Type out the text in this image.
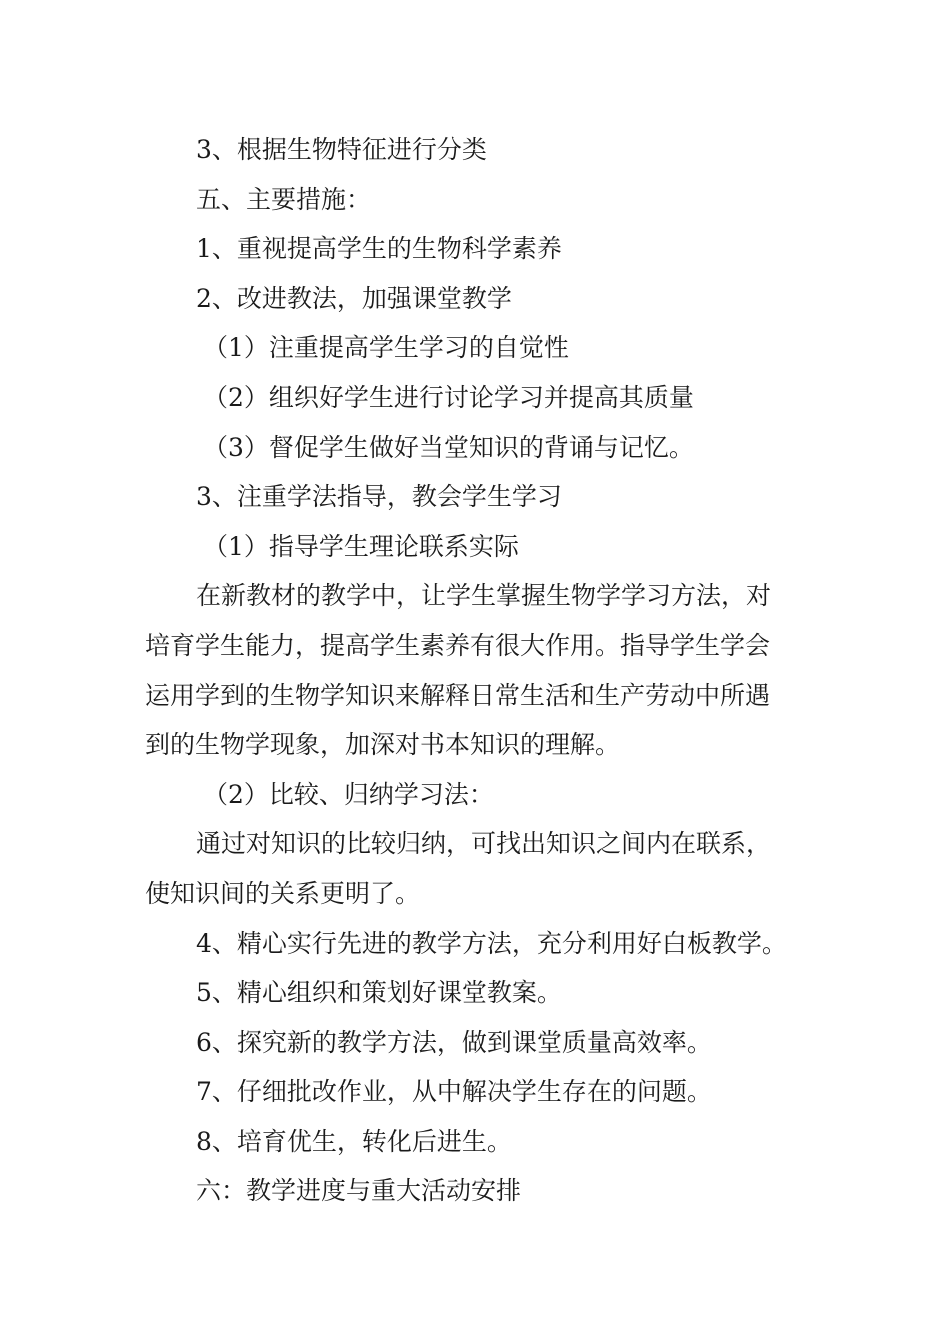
3、根据生物特征进行分类

五、主要措施：

1、重视提高学生的生物科学素养

2、改进教法，加强课堂教学

（1）注重提高学生学习的自觉性

（2）组织好学生进行讨论学习并提高其质量

（3）督促学生做好当堂知识的背诵与记忆。

3、注重学法指导，教会学生学习

（1）指导学生理论联系实际

在新教材的教学中，让学生掌握生物学学习方法，对

培育学生能力，提高学生素养有很大作用。指导学生学会

运用学到的生物学知识来解释日常生活和生产劳动中所遇

到的生物学现象，加深对书本知识的理解。

（2）比较、归纳学习法：

通过对知识的比较归纳，可找出知识之间内在联系，

使知识间的关系更明了。

4、精心实行先进的教学方法，充分利用好白板教学。

5、精心组织和策划好课堂教案。

6、探究新的教学方法，做到课堂质量高效率。

7、仔细批改作业，从中解决学生存在的问题。

8、培育优生，转化后进生。

六：教学进度与重大活动安排
